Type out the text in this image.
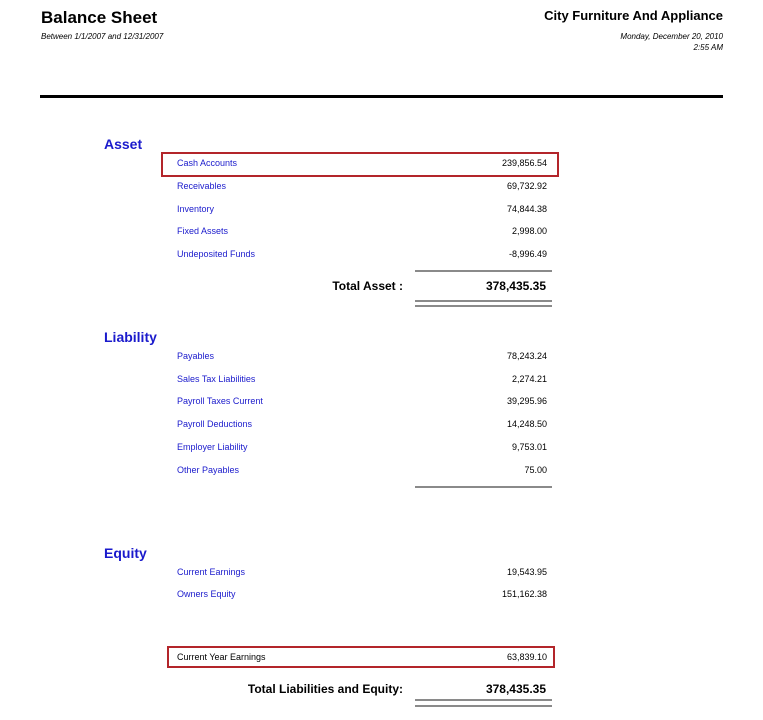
Balance Sheet
Between 1/1/2007 and 12/31/2007
City Furniture And Appliance
Monday, December 20, 2010
2:55 AM
Asset
Cash Accounts	239,856.54
Receivables	69,732.92
Inventory	74,844.38
Fixed Assets	2,998.00
Undeposited Funds	-8,996.49
Total Asset :	378,435.35
Liability
Payables	78,243.24
Sales Tax Liabilities	2,274.21
Payroll Taxes Current	39,295.96
Payroll Deductions	14,248.50
Employer Liability	9,753.01
Other Payables	75.00
Equity
Current Earnings	19,543.95
Owners Equity	151,162.38
Current Year Earnings	63,839.10
Total Liabilities and Equity:	378,435.35
